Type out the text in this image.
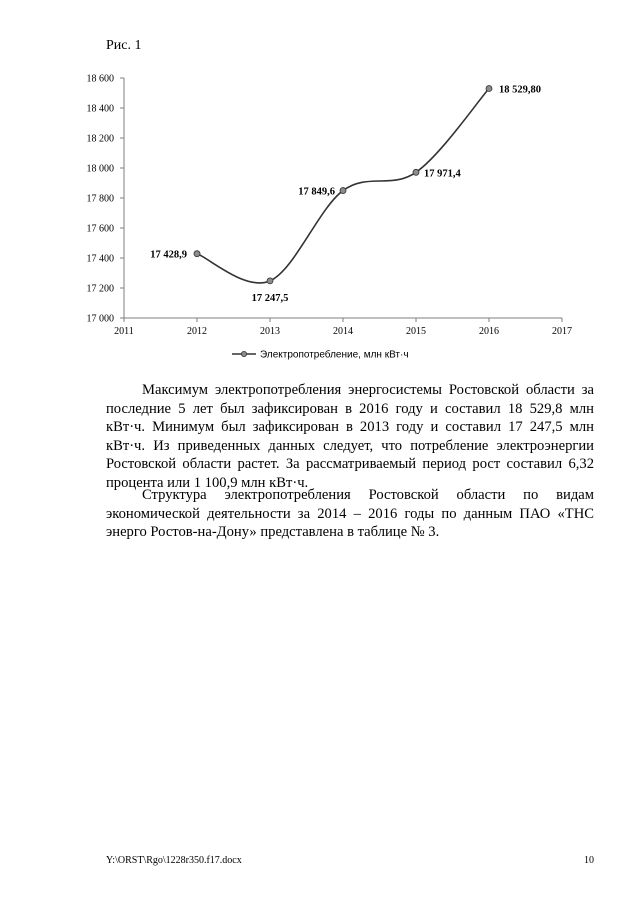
Рис. 1
17 000
17 200
17 400
17 600
17 800
18 000
18 200
18 400
18 600
2011	2012	2013	2014	2015	2016	2017
17 428,9
17 247,5
17 849,6
17 971,4
18 529,80
Электропотребление, млн кВт·ч

Максимум электропотребления энергосистемы Ростовской области за последние 5 лет был зафиксирован в 2016 году и составил 18 529,8 млн кВт·ч. Минимум был зафиксирован в 2013 году и составил 17 247,5 млн кВт·ч. Из приведенных данных следует, что потребление электроэнергии Ростовской области растет. За рассматриваемый период рост составил 6,32 процента или 1 100,9 млн кВт·ч.

Структура электропотребления Ростовской области по видам экономической деятельности за 2014 – 2016 годы по данным ПАО «ТНС энерго Ростов-на-Дону» представлена в таблице № 3.

Y:\ORST\Rgo\1228r350.f17.docx	10
